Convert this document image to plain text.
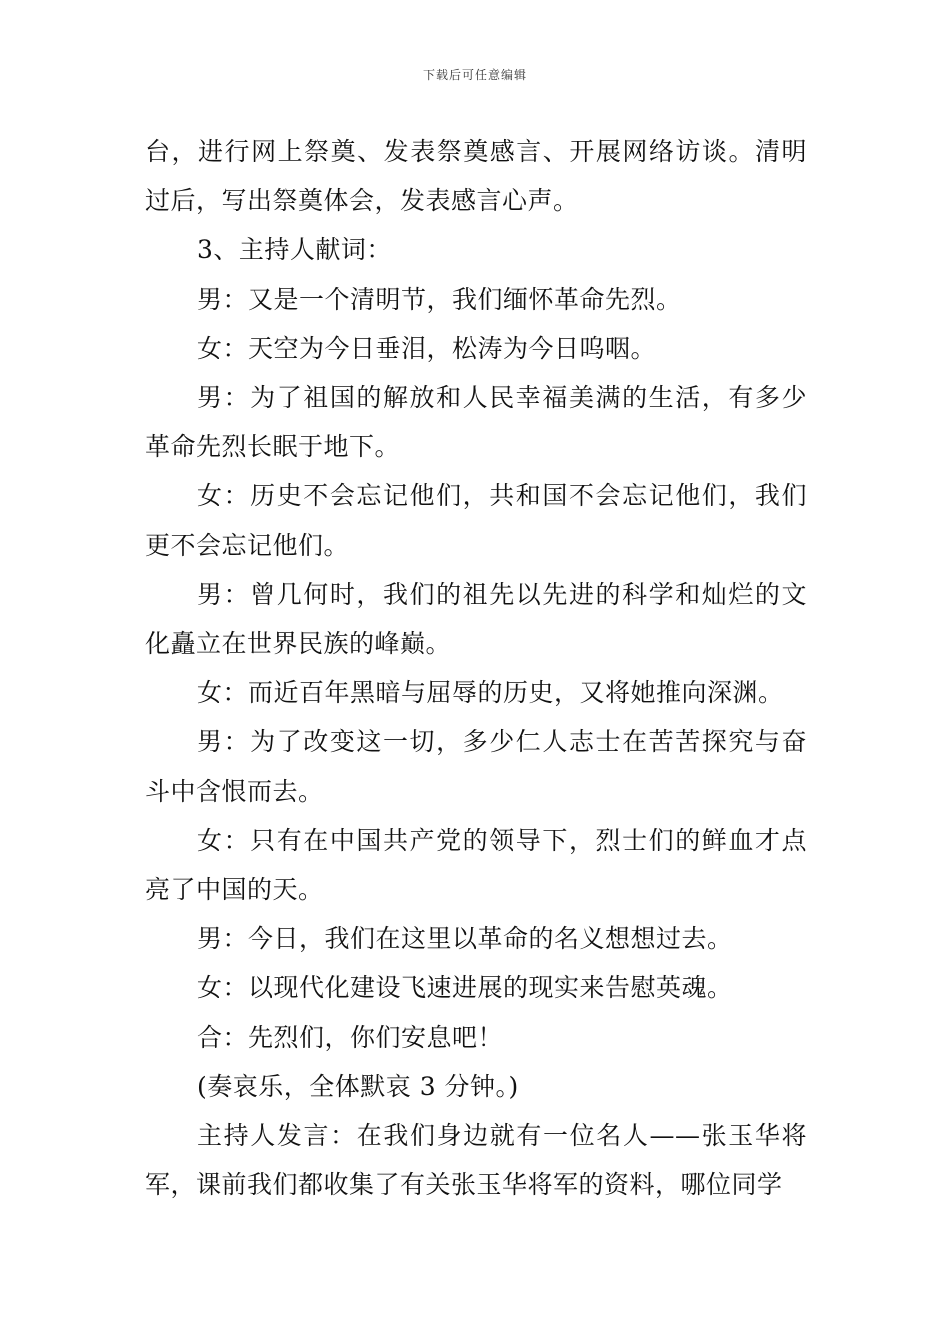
下载后可任意编辑

台，进行网上祭奠、发表祭奠感言、开展网络访谈。清明过后，写出祭奠体会，发表感言心声。

3、主持人献词：

男：又是一个清明节，我们缅怀革命先烈。

女：天空为今日垂泪，松涛为今日呜咽。

男：为了祖国的解放和人民幸福美满的生活，有多少革命先烈长眠于地下。

女：历史不会忘记他们，共和国不会忘记他们，我们更不会忘记他们。

男：曾几何时，我们的祖先以先进的科学和灿烂的文化矗立在世界民族的峰巅。

女：而近百年黑暗与屈辱的历史，又将她推向深渊。

男：为了改变这一切，多少仁人志士在苦苦探究与奋斗中含恨而去。

女：只有在中国共产党的领导下，烈士们的鲜血才点亮了中国的天。

男：今日，我们在这里以革命的名义想想过去。

女：以现代化建设飞速进展的现实来告慰英魂。

合：先烈们，你们安息吧！

(奏哀乐，全体默哀 3 分钟。)

主持人发言：在我们身边就有一位名人——张玉华将军，课前我们都收集了有关张玉华将军的资料，哪位同学
